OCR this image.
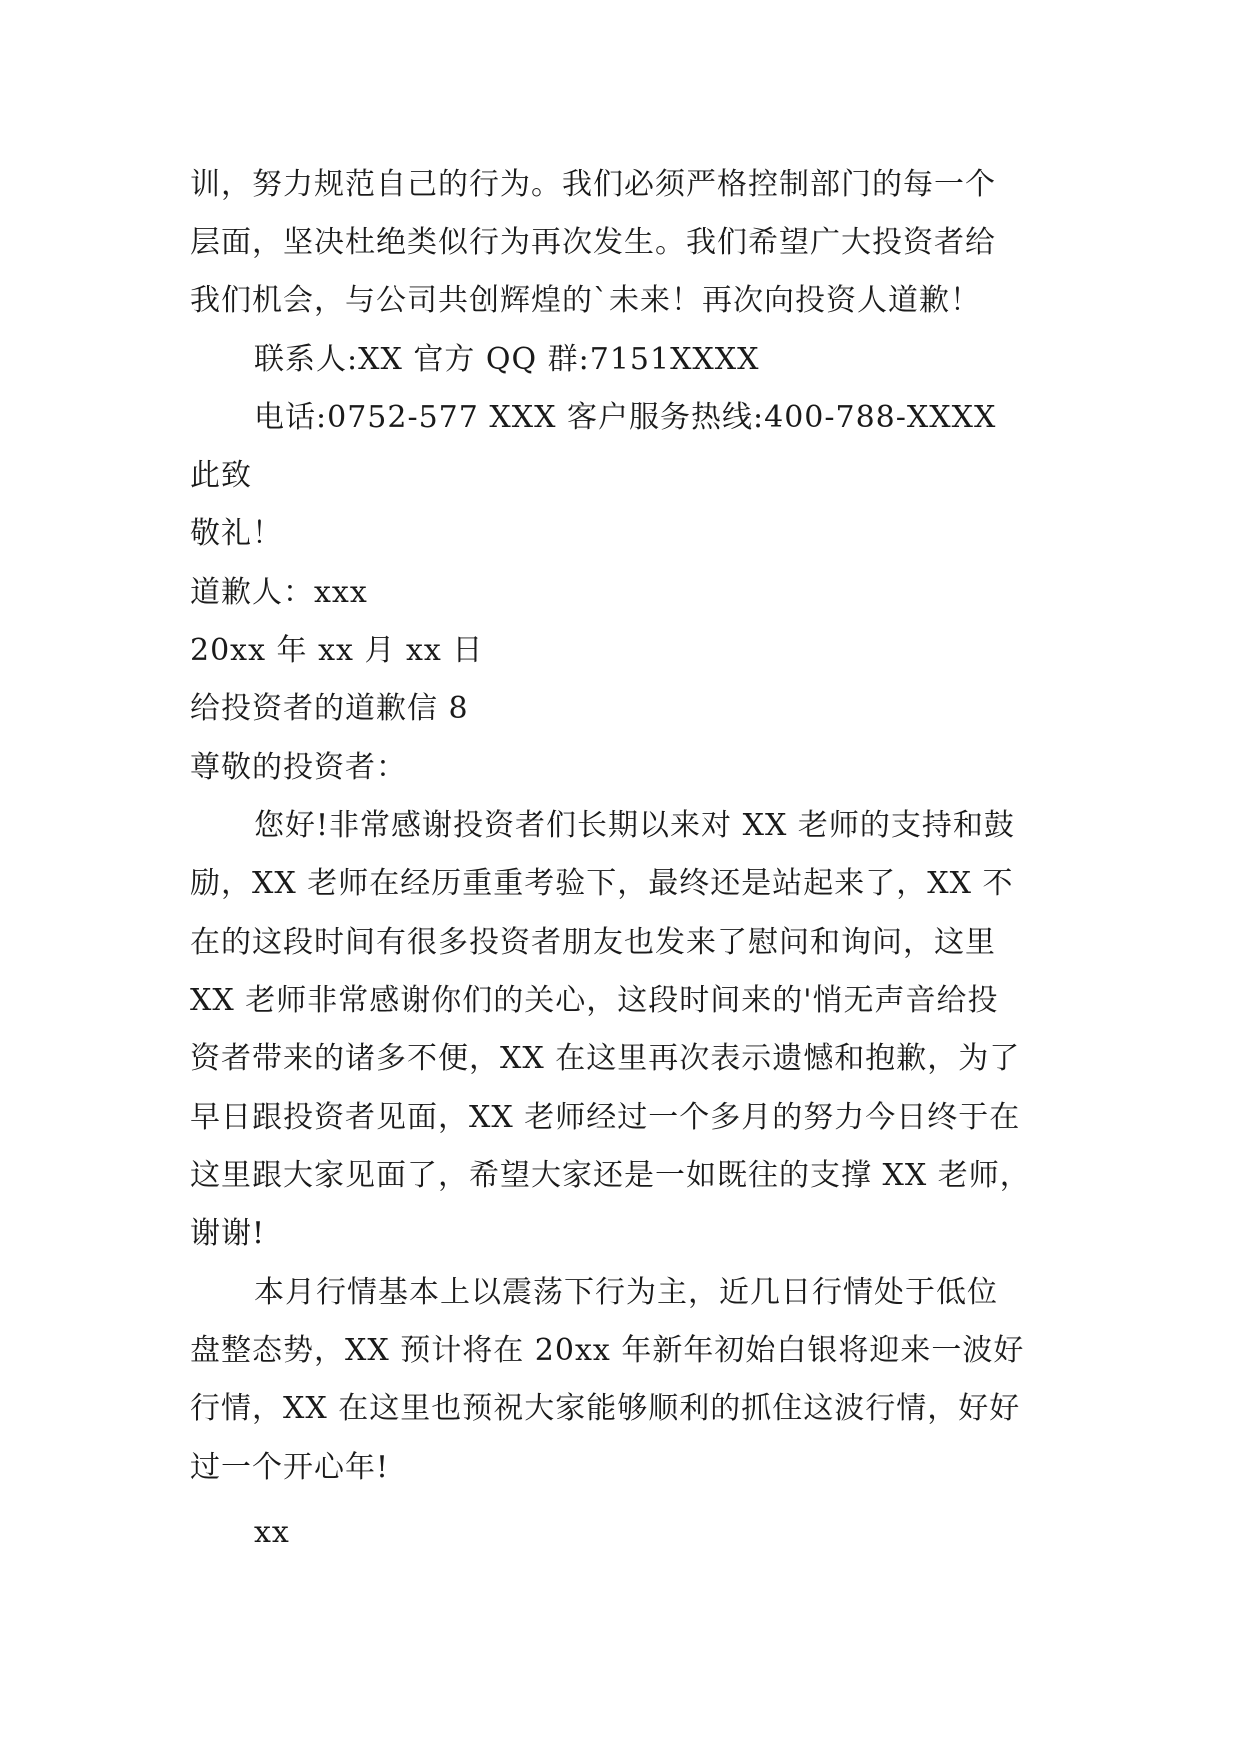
训，努力规范自己的行为。我们必须严格控制部门的每一个
层面，坚决杜绝类似行为再次发生。我们希望广大投资者给
我们机会，与公司共创辉煌的`未来！再次向投资人道歉！
联系人:XX 官方 QQ 群:7151XXXX
电话:0752-577 XXX 客户服务热线:400-788-XXXX
此致
敬礼！
道歉人：xxx
20xx 年 xx 月 xx 日
给投资者的道歉信 8
尊敬的投资者：
您好!非常感谢投资者们长期以来对 XX 老师的支持和鼓
励，XX 老师在经历重重考验下，最终还是站起来了，XX 不
在的这段时间有很多投资者朋友也发来了慰问和询问，这里
XX 老师非常感谢你们的关心，这段时间来的'悄无声音给投
资者带来的诸多不便，XX 在这里再次表示遗憾和抱歉，为了
早日跟投资者见面，XX 老师经过一个多月的努力今日终于在
这里跟大家见面了，希望大家还是一如既往的支撑 XX 老师，
谢谢!
本月行情基本上以震荡下行为主，近几日行情处于低位
盘整态势，XX 预计将在 20xx 年新年初始白银将迎来一波好
行情，XX 在这里也预祝大家能够顺利的抓住这波行情，好好
过一个开心年!
xx
